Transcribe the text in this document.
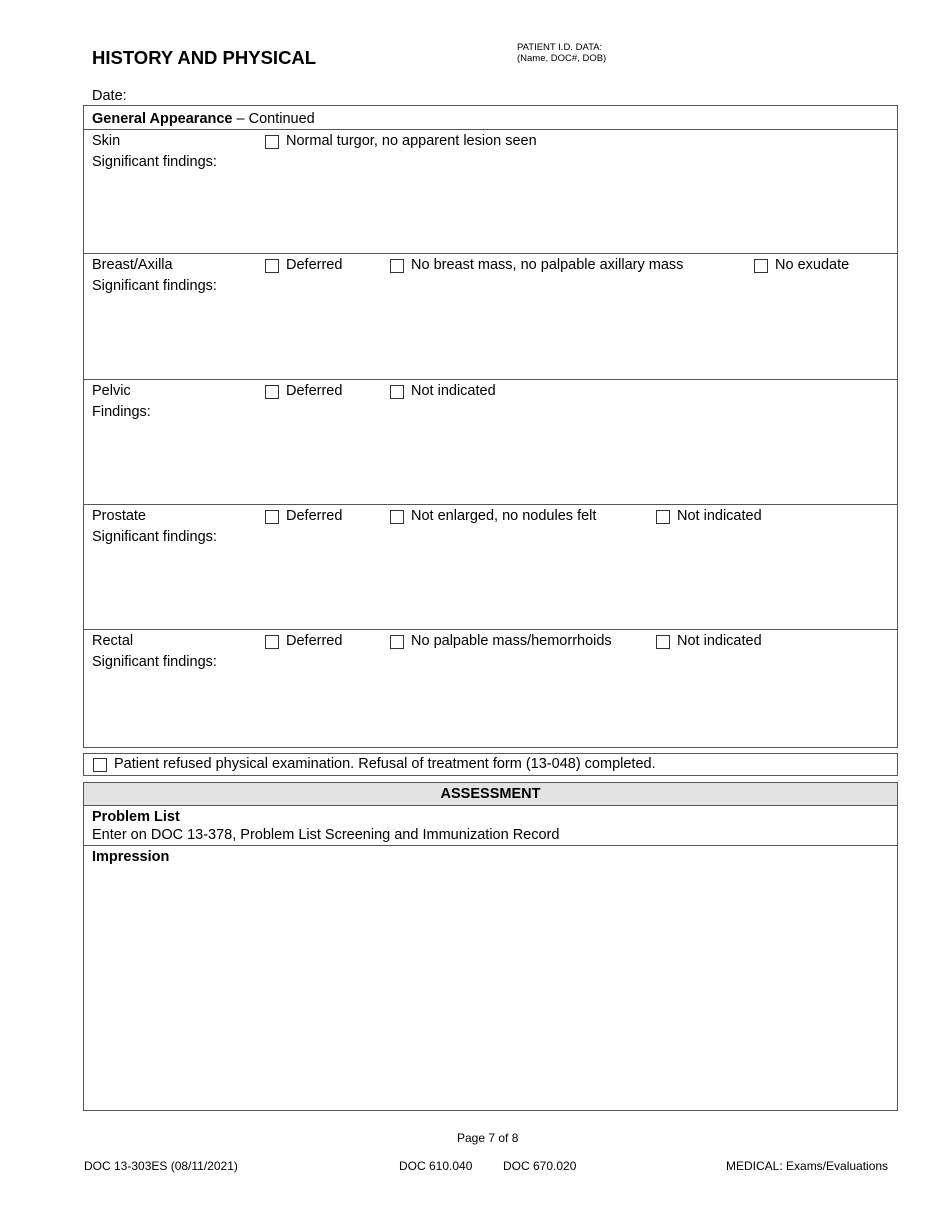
HISTORY AND PHYSICAL	PATIENT I.D. DATA:
(Name, DOC#, DOB)
Date:
General Appearance – Continued
Skin
Significant findings:
Normal turgor, no apparent lesion seen
Breast/Axilla
Significant findings:
Deferred	No breast mass, no palpable axillary mass	No exudate
Pelvic
Findings:
Deferred	Not indicated
Prostate
Significant findings:
Deferred	Not enlarged, no nodules felt	Not indicated
Rectal
Significant findings:
Deferred	No palpable mass/hemorrhoids	Not indicated
Patient refused physical examination. Refusal of treatment form (13-048) completed.
ASSESSMENT
Problem List
Enter on DOC 13-378, Problem List Screening and Immunization Record
Impression
Page 7 of 8
DOC 13-303ES (08/11/2021)	DOC 610.040	DOC 670.020	MEDICAL: Exams/Evaluations
